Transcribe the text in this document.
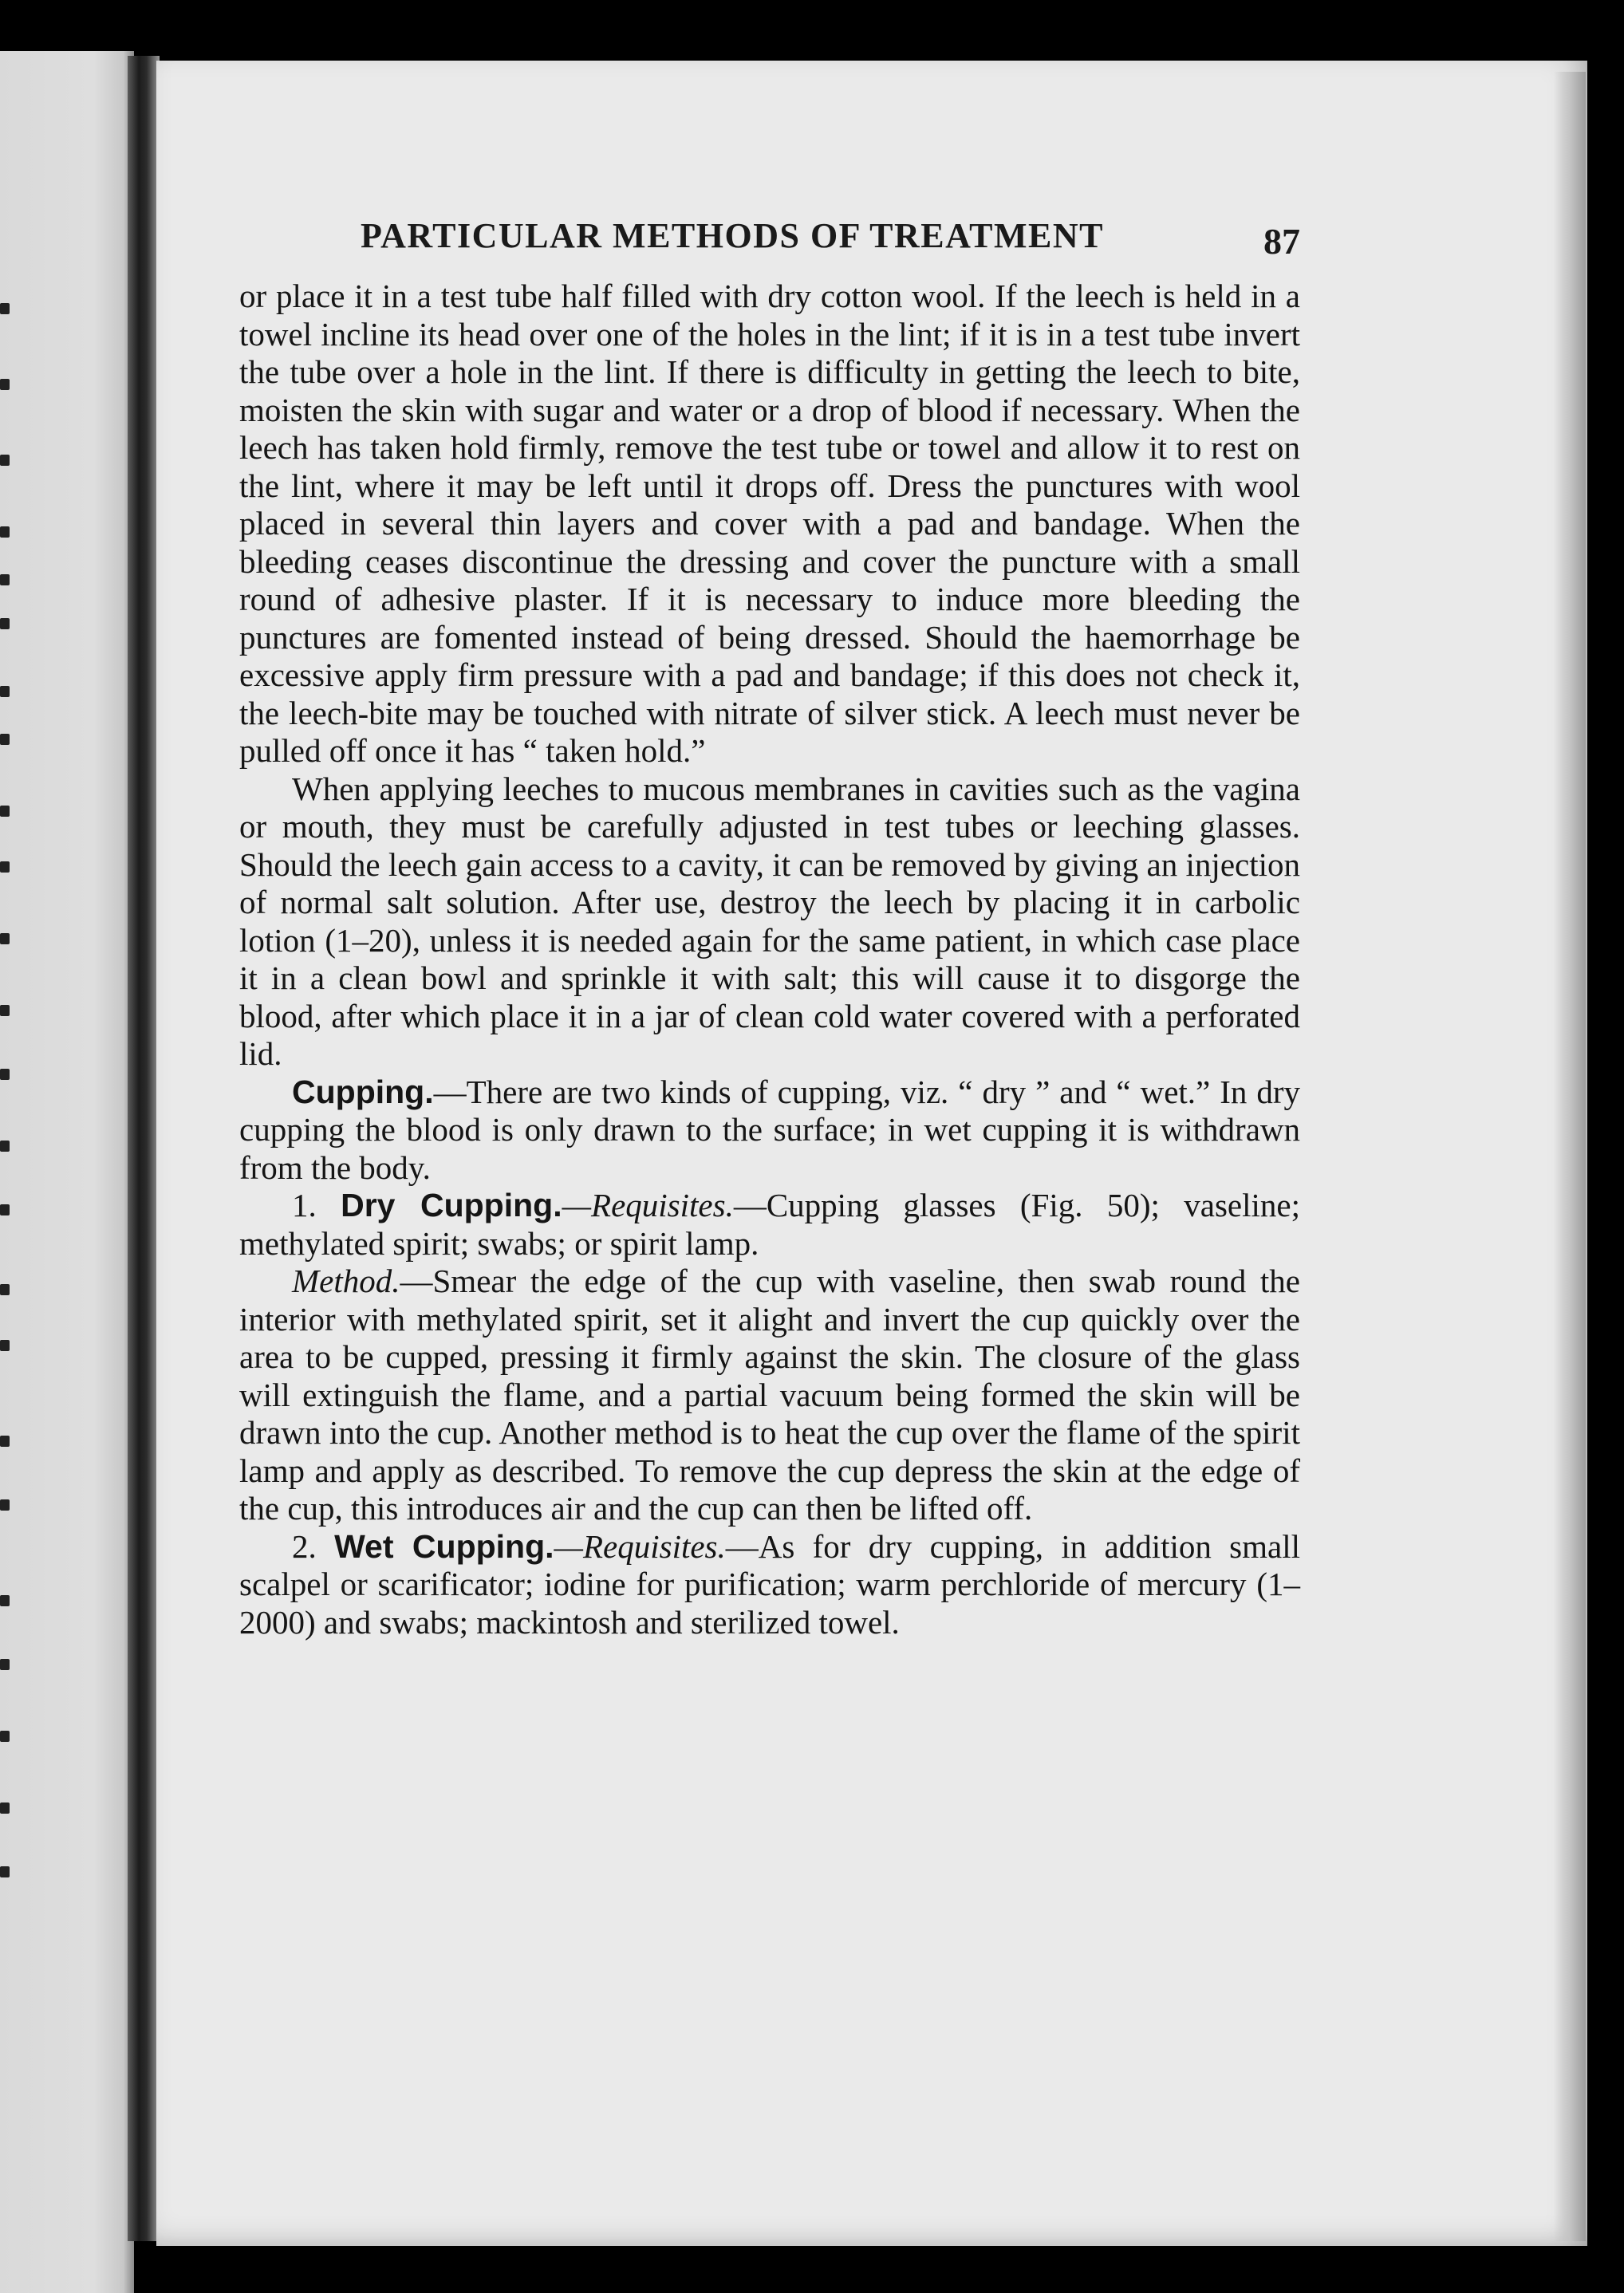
PARTICULAR METHODS OF TREATMENT	87

or place it in a test tube half filled with dry cotton wool. If the leech is held in a towel incline its head over one of the holes in the lint; if it is in a test tube invert the tube over a hole in the lint. If there is difficulty in getting the leech to bite, moisten the skin with sugar and water or a drop of blood if necessary. When the leech has taken hold firmly, remove the test tube or towel and allow it to rest on the lint, where it may be left until it drops off. Dress the punctures with wool placed in several thin layers and cover with a pad and bandage. When the bleeding ceases discontinue the dressing and cover the puncture with a small round of adhesive plaster. If it is necessary to induce more bleeding the punctures are fomented instead of being dressed. Should the haemorrhage be excessive apply firm pressure with a pad and bandage; if this does not check it, the leech-bite may be touched with nitrate of silver stick. A leech must never be pulled off once it has “ taken hold.”

When applying leeches to mucous membranes in cavities such as the vagina or mouth, they must be carefully adjusted in test tubes or leeching glasses. Should the leech gain access to a cavity, it can be removed by giving an injection of normal salt solution. After use, destroy the leech by placing it in carbolic lotion (1–20), unless it is needed again for the same patient, in which case place it in a clean bowl and sprinkle it with salt; this will cause it to disgorge the blood, after which place it in a jar of clean cold water covered with a perforated lid.

Cupping.—There are two kinds of cupping, viz. “ dry ” and “ wet.” In dry cupping the blood is only drawn to the surface; in wet cupping it is withdrawn from the body.

1. Dry Cupping.—Requisites.—Cupping glasses (Fig. 50); vaseline; methylated spirit; swabs; or spirit lamp.

Method.—Smear the edge of the cup with vaseline, then swab round the interior with methylated spirit, set it alight and invert the cup quickly over the area to be cupped, pressing it firmly against the skin. The closure of the glass will extinguish the flame, and a partial vacuum being formed the skin will be drawn into the cup. Another method is to heat the cup over the flame of the spirit lamp and apply as described. To remove the cup depress the skin at the edge of the cup, this introduces air and the cup can then be lifted off.

2. Wet Cupping.—Requisites.—As for dry cupping, in addition small scalpel or scarificator; iodine for purification; warm perchloride of mercury (1–2000) and swabs; mackintosh and sterilized towel.
